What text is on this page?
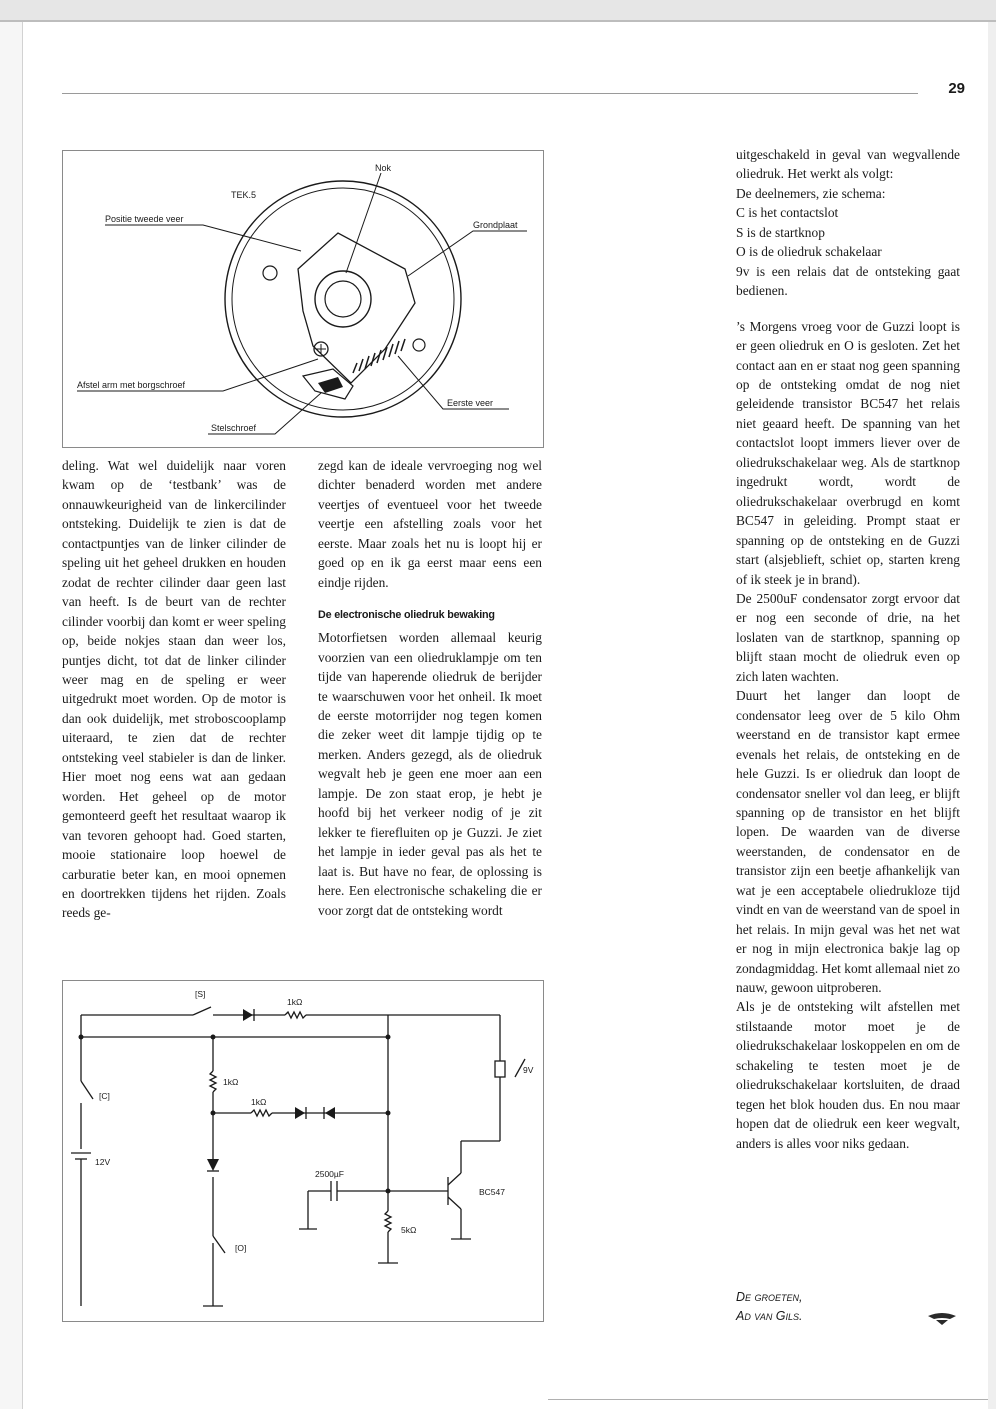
29
Nok
TEK.5
Positie tweede veer
Grondplaat
Afstel arm met borgschroef
Eerste veer
Stelschroef

deling. Wat wel duidelijk naar voren kwam op de ‘testbank’ was de onnauwkeurigheid van de linkercilinder ontsteking. Duidelijk te zien is dat de contactpuntjes van de linker cilinder de speling uit het geheel drukken en houden zodat de rechter cilinder daar geen last van heeft. Is de beurt van de rechter cilinder voorbij dan komt er weer speling op, beide nokjes staan dan weer los, puntjes dicht, tot dat de linker cilinder weer mag en de speling er weer uitgedrukt moet worden. Op de motor is dan ook duidelijk, met stroboscooplamp uiteraard, te zien dat de rechter ontsteking veel stabieler is dan de linker. Hier moet nog eens wat aan gedaan worden. Het geheel op de motor gemonteerd geeft het resultaat waarop ik van tevoren gehoopt had. Goed starten, mooie stationaire loop hoewel de carburatie beter kan, en mooi opnemen en doortrekken tijdens het rijden. Zoals reeds ge-

zegd kan de ideale vervroeging nog wel dichter benaderd worden met andere veertjes of eventueel voor het tweede veertje een afstelling zoals voor het eerste. Maar zoals het nu is loopt hij er goed op en ik ga eerst maar eens een eindje rijden.

De electronische oliedruk bewaking

Motorfietsen worden allemaal keurig voorzien van een oliedruklampje om ten tijde van haperende oliedruk de berijder te waarschuwen voor het onheil. Ik moet de eerste motorrijder nog tegen komen die zeker weet dit lampje tijdig op te merken. Anders gezegd, als de oliedruk wegvalt heb je geen ene moer aan een lampje. De zon staat erop, je hebt je hoofd bij het verkeer nodig of je zit lekker te fierefluiten op je Guzzi. Je ziet het lampje in ieder geval pas als het te laat is. But have no fear, de oplossing is here. Een electronische schakeling die er voor zorgt dat de ontsteking wordt

uitgeschakeld in geval van wegvallende oliedruk. Het werkt als volgt:

De deelnemers, zie schema:

C is het contactslot

S is de startknop

O is de oliedruk schakelaar

9v is een relais dat de ontsteking gaat bedienen.

’s Morgens vroeg voor de Guzzi loopt is er geen oliedruk en O is gesloten. Zet het contact aan en er staat nog geen spanning op de ontsteking omdat de nog niet geleidende transistor BC547 het relais niet geaard heeft. De spanning van het contactslot loopt immers liever over de oliedrukschakelaar weg. Als de startknop ingedrukt wordt, wordt de oliedrukschakelaar overbrugd en komt BC547 in geleiding. Prompt staat er spanning op de ontsteking en de Guzzi start (alsjeblieft, schiet op, starten kreng of ik steek je in brand).

De 2500uF condensator zorgt ervoor dat er nog een seconde of drie, na het loslaten van de startknop, spanning op blijft staan mocht de oliedruk even op zich laten wachten.

Duurt het langer dan loopt de condensator leeg over de 5 kilo Ohm weerstand en de transistor kapt ermee evenals het relais, de ontsteking en de hele Guzzi. Is er oliedruk dan loopt de condensator sneller vol dan leeg, er blijft spanning op de transistor en het blijft lopen. De waarden van de diverse weerstanden, de condensator en de transistor zijn een beetje afhankelijk van wat je een acceptabele oliedrukloze tijd vindt en van de weerstand van de spoel in het relais. In mijn geval was het net wat er nog in mijn electronica bakje lag op zondagmiddag. Het komt allemaal niet zo nauw, gewoon uitproberen.

Als je de ontsteking wilt afstellen met stilstaande motor moet je de oliedrukschakelaar loskoppelen en om de schakeling te testen moet je de oliedrukschakelaar kortsluiten, de draad tegen het blok houden dus. En nou maar hopen dat de oliedruk een keer wegvalt, anders is alles voor niks gedaan.

[S]
1kΩ
[C]
1kΩ
1kΩ
12V
2500µF
BC547
5kΩ
[O]
9V
De groeten,
Ad van Gils.
